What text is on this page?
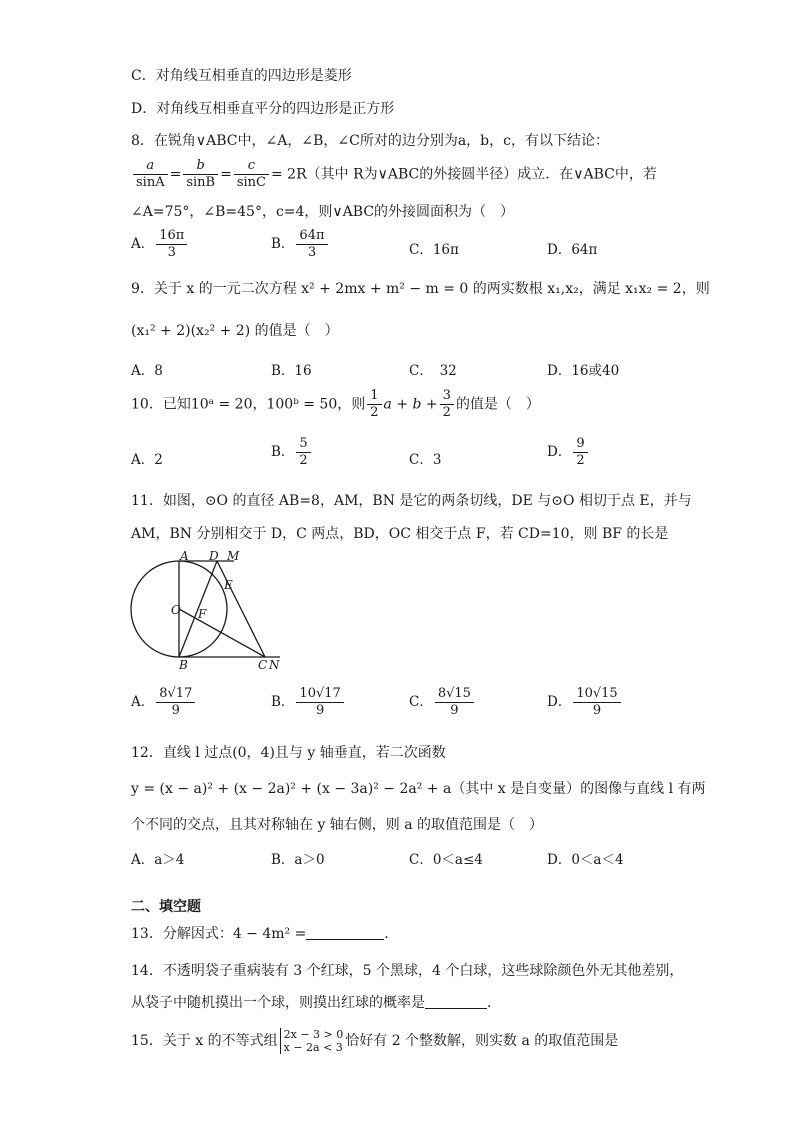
C．对角线互相垂直的四边形是菱形
D．对角线互相垂直平分的四边形是正方形
8．在锐角∨ABC中，∠A，∠B，∠C所对的边分别为a，b，c，有以下结论：
$\frac{a}{\sin A} = \frac{b}{\sin B} = \frac{c}{\sin C} = 2R$（其中 R为∨ABC的外接圆半径）成立．在∨ABC中，若
∠A=75°，∠B=45°，c=4，则∨ABC的外接圆面积为（　）
A． $\frac{16\pi}{3}$	B． $\frac{64\pi}{3}$	C．16π	D．64π
9．关于 x 的一元二次方程 x² + 2mx + m² − m = 0 的两实数根 x₁,x₂，满足 x₁x₂ = 2，则
(x₁² + 2)(x₂² + 2) 的值是（　）
A．8	B．16	C．　32	D．16或40
10．已知10ᵃ = 20，100ᵇ = 50，则 $\frac{1}{2}$ $a + b + \frac{3}{2}$ 的值是（　）
A．2	B． $\frac{5}{2}$	C．3	D． $\frac{9}{2}$
11．如图，⊙O 的直径 AB=8，AM，BN 是它的两条切线，DE 与⊙O 相切于点 E，并与
AM，BN 分别相交于 D，C 两点，BD，OC 相交于点 F，若 CD=10，则 BF 的长是
A D M
E
O F
B	C N
A． $\frac{8√17}{9}$	B． $\frac{10√17}{9}$	C． $\frac{8√15}{9}$	D． $\frac{10√15}{9}$
12．直线 l 过点(0，4)且与 y 轴垂直，若二次函数
y = (x − a)² + (x − 2a)² + (x − 3a)² − 2a² + a（其中 x 是自变量）的图像与直线 l 有两
个不同的交点，且其对称轴在 y 轴右侧，则 a 的取值范围是（　）
A．a＞4	B．a＞0	C．0＜a≤4	D．0＜a＜4
二、填空题
13．分解因式：4 − 4m² =	．
14．不透明袋子重病装有 3 个红球，5 个黑球，4 个白球，这些球除颜色外无其他差别，
从袋子中随机摸出一个球，则摸出红球的概率是	．
15．关于 x 的不等式组 2x − 3 > 0
x − 2a < 3 恰好有 2 个整数解，则实数 a 的取值范围是
